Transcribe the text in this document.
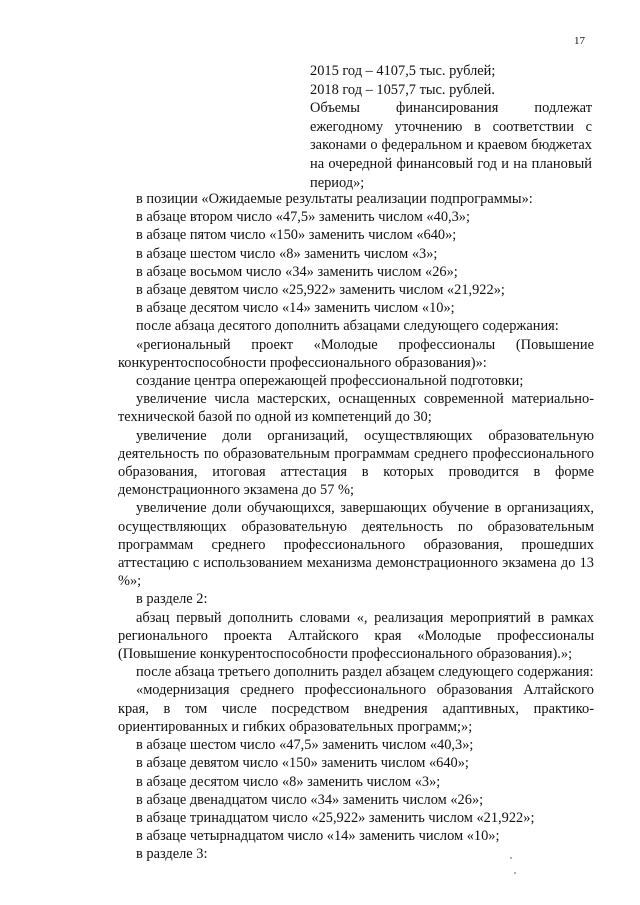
17

2015 год – 4107,5 тыс. рублей;

2018 год – 1057,7 тыс. рублей.

Объемы финансирования подлежат ежегодному уточнению в соответствии с законами о федеральном и краевом бюджетах на очередной финансовый год и на плановый период»;

в позиции «Ожидаемые результаты реализации подпрограммы»:

в абзаце втором число «47,5» заменить числом «40,3»;

в абзаце пятом число «150» заменить числом «640»;

в абзаце шестом число «8» заменить числом «3»;

в абзаце восьмом число «34» заменить числом «26»;

в абзаце девятом число «25,922» заменить числом «21,922»;

в абзаце десятом число «14» заменить числом «10»;

после абзаца десятого дополнить абзацами следующего содержания:

«региональный проект «Молодые профессионалы (Повышение конкурентоспособности профессионального образования)»:

создание центра опережающей профессиональной подготовки;

увеличение числа мастерских, оснащенных современной материально-технической базой по одной из компетенций до 30;

увеличение доли организаций, осуществляющих образовательную деятельность по образовательным программам среднего профессионального образования, итоговая аттестация в которых проводится в форме демонстрационного экзамена до 57 %;

увеличение доли обучающихся, завершающих обучение в организациях, осуществляющих образовательную деятельность по образовательным программам среднего профессионального образования, прошедших аттестацию с использованием механизма демонстрационного экзамена до 13 %»;

в разделе 2:

абзац первый дополнить словами «, реализация мероприятий в рамках регионального проекта Алтайского края «Молодые профессионалы (Повышение конкурентоспособности профессионального образования).»;

после абзаца третьего дополнить раздел абзацем следующего содержания:

«модернизация среднего профессионального образования Алтайского края, в том числе посредством внедрения адаптивных, практико-ориентированных и гибких образовательных программ;»;

в абзаце шестом число «47,5» заменить числом «40,3»;

в абзаце девятом число «150» заменить числом «640»;

в абзаце десятом число «8» заменить числом «3»;

в абзаце двенадцатом число «34» заменить числом «26»;

в абзаце тринадцатом число «25,922» заменить числом «21,922»;

в абзаце четырнадцатом число «14» заменить числом «10»;

в разделе 3:
